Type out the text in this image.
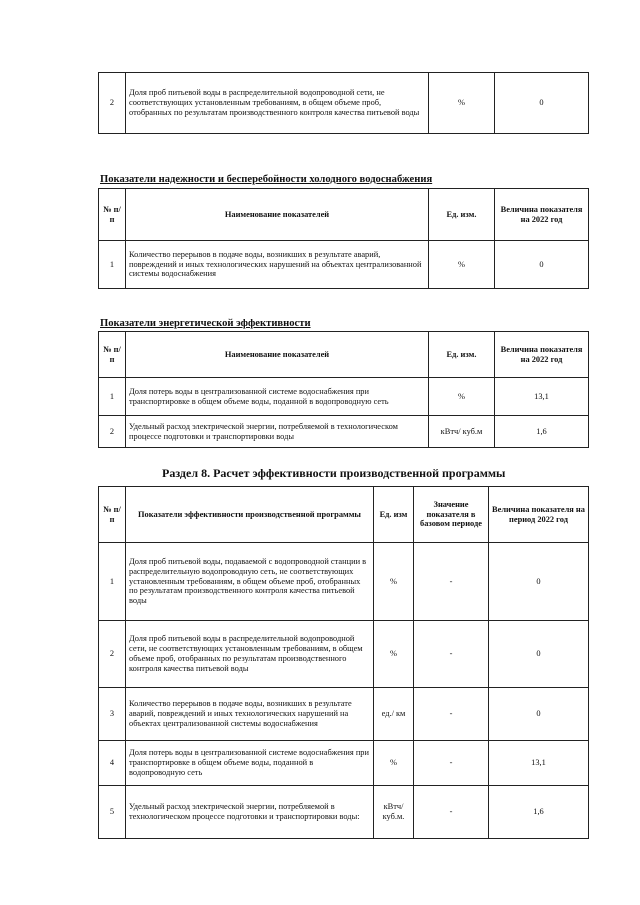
2	Доля проб питьевой воды в распределительной водопроводной сети, не соответствующих установленным требованиям, в общем объеме проб, отобранных по результатам производственного контроля качества питьевой воды	%	0
Показатели надежности и бесперебойности холодного водоснабжения
№ п/п	Наименование показателей	Ед. изм.	Величина показателя на 2022 год
1	Количество перерывов в подаче воды, возникших в результате аварий, повреждений и иных технологических нарушений на объектах централизованной системы водоснабжения	%	0
Показатели энергетической эффективности
№ п/п	Наименование показателей	Ед. изм.	Величина показателя на 2022 год
1	Доля потерь воды в централизованной системе водоснабжения при транспортировке в общем объеме воды, поданной в водопроводную сеть	%	13,1
2	Удельный расход электрической энергии, потребляемой в технологическом процессе подготовки и транспортировки воды	кВтч/ куб.м	1,6
Раздел 8. Расчет эффективности производственной программы
№ п/п	Показатели эффективности производственной программы	Ед. изм	Значение показателя в базовом периоде	Величина показателя на период 2022 год
1	Доля проб питьевой воды, подаваемой с водопроводной станции в распределительную водопроводную сеть, не соответствующих установленным требованиям, в общем объеме проб, отобранных по результатам производственного контроля качества питьевой воды	%	-	0
2	Доля проб питьевой воды в распределительной водопроводной сети, не соответствующих установленным требованиям, в общем объеме проб, отобранных по результатам производственного контроля качества питьевой воды	%	-	0
3	Количество перерывов в подаче воды, возникших в результате аварий, повреждений и иных технологических нарушений на объектах централизованной системы водоснабжения	ед./ км	-	0
4	Доля потерь воды в централизованной системе водоснабжения при транспортировке в общем объеме воды, поданной в водопроводную сеть	%	-	13,1
5	Удельный расход электрической энергии, потребляемой в технологическом процессе подготовки и транспортировки воды:	кВтч/ куб.м.	-	1,6
